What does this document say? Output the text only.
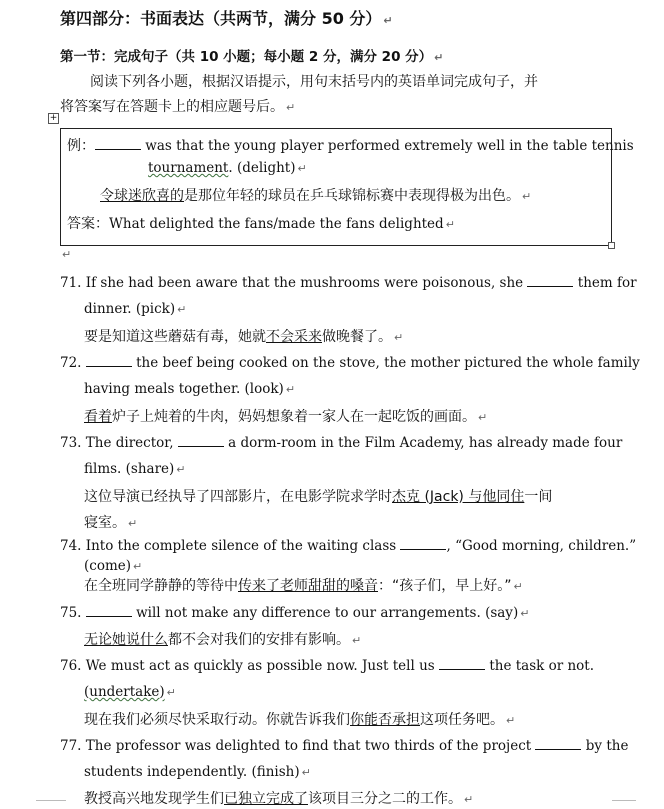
第四部分：书面表达（共两节，满分 50 分） ↵
第一节：完成句子（共 10 小题；每小题 2 分，满分 20 分） ↵
阅读下列各小题，根据汉语提示，用句末括号内的英语单词完成句子，并
将答案写在答题卡上的相应题号后。 ↵
+
例：	was that the young player performed extremely well in the table tennis
tournament. (delight) ↵
令球迷欣喜的是那位年轻的球员在乒乓球锦标赛中表现得极为出色。 ↵
答案：What delighted the fans/made the fans delighted ↵
↵
71. If she had been aware that the mushrooms were poisonous, she	them for
dinner. (pick) ↵
要是知道这些蘑菇有毒，她就不会采来做晚餐了。 ↵
72.	the beef being cooked on the stove, the mother pictured the whole family
having meals together. (look) ↵
看着炉子上炖着的牛肉，妈妈想象着一家人在一起吃饭的画面。 ↵
73. The director,	a dorm-room in the Film Academy, has already made four
films. (share) ↵
这位导演已经执导了四部影片，在电影学院求学时杰克 (Jack) 与他同住一间
寝室。 ↵
74. Into the complete silence of the waiting class	, “Good morning, children.”
(come) ↵
在全班同学静静的等待中传来了老师甜甜的嗓音：“孩子们，早上好。” ↵
75.	will not make any difference to our arrangements. (say) ↵
无论她说什么都不会对我们的安排有影响。 ↵
76. We must act as quickly as possible now. Just tell us	the task or not.
(undertake) ↵
现在我们必须尽快采取行动。你就告诉我们你能否承担这项任务吧。 ↵
77. The professor was delighted to find that two thirds of the project	by the
students independently. (finish) ↵
教授高兴地发现学生们已独立完成了该项目三分之二的工作。 ↵
